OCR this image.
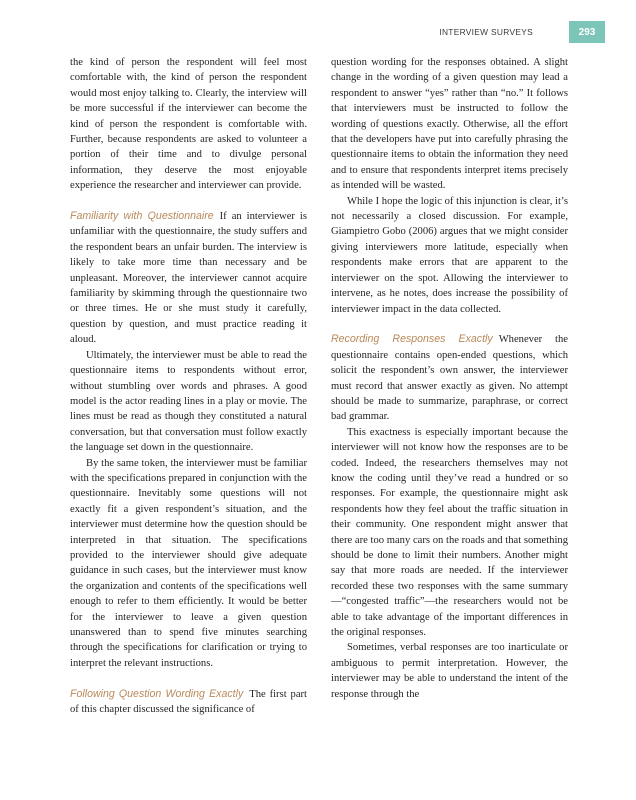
INTERVIEW SURVEYS	293

the kind of person the respondent will feel most comfortable with, the kind of person the respondent would most enjoy talking to. Clearly, the interview will be more successful if the interviewer can become the kind of person the respondent is comfortable with. Further, because respondents are asked to volunteer a portion of their time and to divulge personal information, they deserve the most enjoyable experience the researcher and interviewer can provide.

Familiarity with Questionnaire If an interviewer is unfamiliar with the questionnaire, the study suffers and the respondent bears an unfair burden. The interview is likely to take more time than necessary and be unpleasant. Moreover, the interviewer cannot acquire familiarity by skimming through the questionnaire two or three times. He or she must study it carefully, question by question, and must practice reading it aloud.

Ultimately, the interviewer must be able to read the questionnaire items to respondents without error, without stumbling over words and phrases. A good model is the actor reading lines in a play or movie. The lines must be read as though they constituted a natural conversation, but that conversation must follow exactly the language set down in the questionnaire.

By the same token, the interviewer must be familiar with the specifications prepared in conjunction with the questionnaire. Inevitably some questions will not exactly fit a given respondent’s situation, and the interviewer must determine how the question should be interpreted in that situation. The specifications provided to the interviewer should give adequate guidance in such cases, but the interviewer must know the organization and contents of the specifications well enough to refer to them efficiently. It would be better for the interviewer to leave a given question unanswered than to spend five minutes searching through the specifications for clarification or trying to interpret the relevant instructions.

Following Question Wording Exactly The first part of this chapter discussed the significance of

question wording for the responses obtained. A slight change in the wording of a given question may lead a respondent to answer “yes” rather than “no.” It follows that interviewers must be instructed to follow the wording of questions exactly. Otherwise, all the effort that the developers have put into carefully phrasing the questionnaire items to obtain the information they need and to ensure that respondents interpret items precisely as intended will be wasted.

While I hope the logic of this injunction is clear, it’s not necessarily a closed discussion. For example, Giampietro Gobo (2006) argues that we might consider giving interviewers more latitude, especially when respondents make errors that are apparent to the interviewer on the spot. Allowing the interviewer to intervene, as he notes, does increase the possibility of interviewer impact in the data collected.

Recording Responses Exactly Whenever the questionnaire contains open-ended questions, which solicit the respondent’s own answer, the interviewer must record that answer exactly as given. No attempt should be made to summarize, paraphrase, or correct bad grammar.

This exactness is especially important because the interviewer will not know how the responses are to be coded. Indeed, the researchers themselves may not know the coding until they’ve read a hundred or so responses. For example, the questionnaire might ask respondents how they feel about the traffic situation in their community. One respondent might answer that there are too many cars on the roads and that something should be done to limit their numbers. Another might say that more roads are needed. If the interviewer recorded these two responses with the same summary—“congested traffic”—the researchers would not be able to take advantage of the important differences in the original responses.

Sometimes, verbal responses are too inarticulate or ambiguous to permit interpretation. However, the interviewer may be able to understand the intent of the response through the
